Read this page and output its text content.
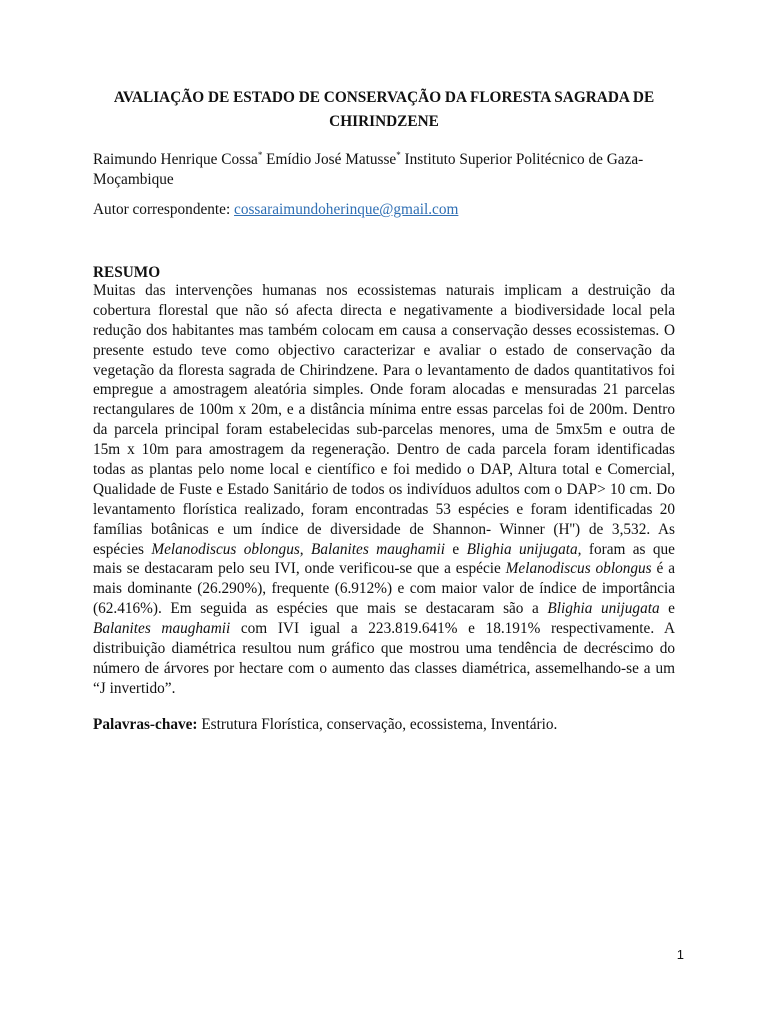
AVALIAÇÃO DE ESTADO DE CONSERVAÇÃO DA FLORESTA SAGRADA DE
CHIRINDZENE
Raimundo Henrique Cossa* Emídio José Matusse* Instituto Superior Politécnico de Gaza-Moçambique
Autor correspondente: cossaraimundoherinque@gmail.com
RESUMO
Muitas das intervenções humanas nos ecossistemas naturais implicam a destruição da
cobertura florestal que não só afecta directa e negativamente a biodiversidade local pela
redução dos habitantes mas também colocam em causa a conservação desses ecossistemas. O
presente estudo teve como objectivo caracterizar e avaliar o estado de conservação da
vegetação da floresta sagrada de Chirindzene. Para o levantamento de dados quantitativos foi
empregue a amostragem aleatória simples. Onde foram alocadas e mensuradas 21 parcelas
rectangulares de 100m x 20m, e a distância mínima entre essas parcelas foi de 200m. Dentro
da parcela principal foram estabelecidas sub-parcelas menores, uma de 5mx5m e outra de
15m x 10m para amostragem da regeneração. Dentro de cada parcela foram identificadas
todas as plantas pelo nome local e científico e foi medido o DAP, Altura total e Comercial,
Qualidade de Fuste e Estado Sanitário de todos os indivíduos adultos com o DAP> 10 cm. Do
levantamento florística realizado, foram encontradas 53 espécies e foram identificadas 20
famílias botânicas e um índice de diversidade de Shannon- Winner (H'') de 3,532. As
espécies Melanodiscus oblongus, Balanites maughamii e Blighia unijugata, foram as que
mais se destacaram pelo seu IVI, onde verificou-se que a espécie Melanodiscus oblongus é a
mais dominante (26.290%), frequente (6.912%) e com maior valor de índice de importância
(62.416%). Em seguida as espécies que mais se destacaram são a Blighia unijugata e
Balanites maughamii com IVI igual a 223.819.641% e 18.191% respectivamente. A
distribuição diamétrica resultou num gráfico que mostrou uma tendência de decréscimo do
número de árvores por hectare com o aumento das classes diamétrica, assemelhando-se a um
“J invertido”.
Palavras-chave: Estrutura Florística, conservação, ecossistema, Inventário.
1
